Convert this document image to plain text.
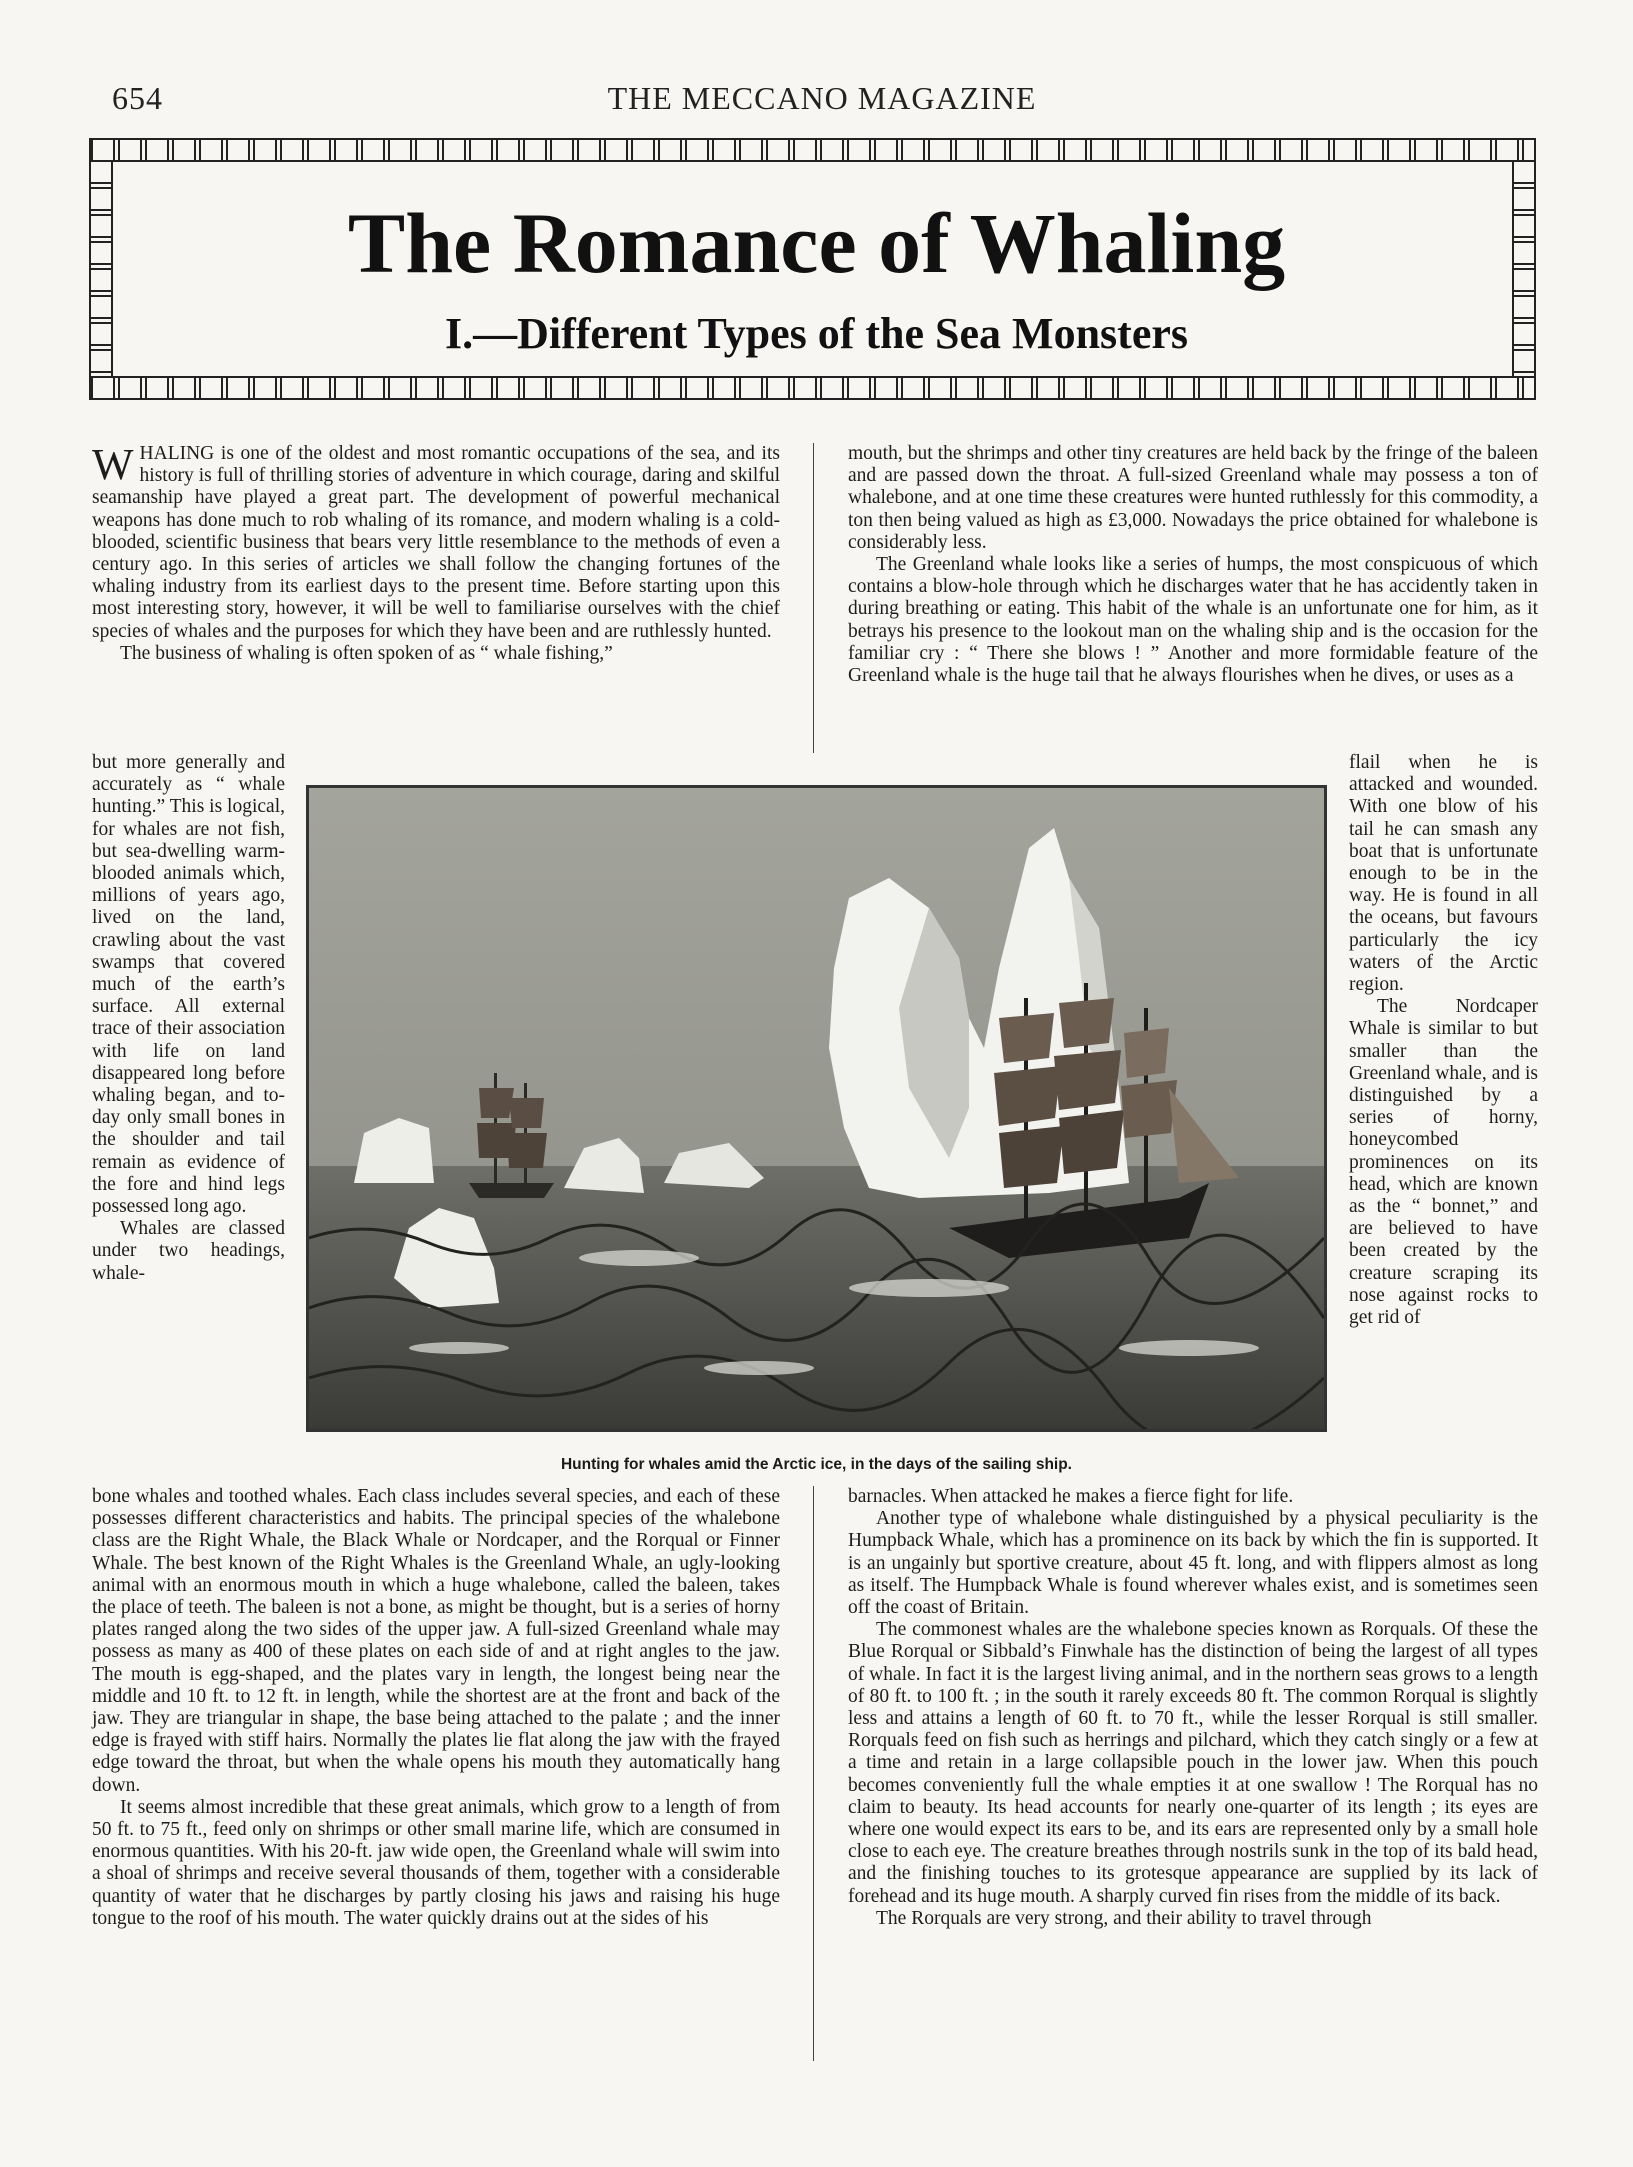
654	THE MECCANO MAGAZINE
The Romance of Whaling
I.—Different Types of the Sea Monsters

WHALING is one of the oldest and most romantic occupations of the sea, and its history is full of thrilling stories of adventure in which courage, daring and skilful seamanship have played a great part. The development of powerful mechanical weapons has done much to rob whaling of its romance, and modern whaling is a cold-blooded, scientific business that bears very little resemblance to the methods of even a century ago. In this series of articles we shall follow the changing fortunes of the whaling industry from its earliest days to the present time. Before starting upon this most interesting story, however, it will be well to familiarise ourselves with the chief species of whales and the purposes for which they have been and are ruthlessly hunted.

The business of whaling is often spoken of as “ whale fishing,”

but more generally and accurately as “ whale hunting.” This is logical, for whales are not fish, but sea-dwelling warm-blooded animals which, millions of years ago, lived on the land, crawling about the vast swamps that covered much of the earth’s surface. All external trace of their association with life on land disappeared long before whaling began, and to-day only small bones in the shoulder and tail remain as evidence of the fore and hind legs possessed long ago.

Whales are classed under two headings, whale-

bone whales and toothed whales. Each class includes several species, and each of these possesses different characteristics and habits. The principal species of the whalebone class are the Right Whale, the Black Whale or Nordcaper, and the Rorqual or Finner Whale. The best known of the Right Whales is the Greenland Whale, an ugly-looking animal with an enormous mouth in which a huge whalebone, called the baleen, takes the place of teeth. The baleen is not a bone, as might be thought, but is a series of horny plates ranged along the two sides of the upper jaw. A full-sized Greenland whale may possess as many as 400 of these plates on each side of and at right angles to the jaw. The mouth is egg-shaped, and the plates vary in length, the longest being near the middle and 10 ft. to 12 ft. in length, while the shortest are at the front and back of the jaw. They are triangular in shape, the base being attached to the palate ; and the inner edge is frayed with stiff hairs. Normally the plates lie flat along the jaw with the frayed edge toward the throat, but when the whale opens his mouth they automatically hang down.

It seems almost incredible that these great animals, which grow to a length of from 50 ft. to 75 ft., feed only on shrimps or other small marine life, which are consumed in enormous quantities. With his 20-ft. jaw wide open, the Greenland whale will swim into a shoal of shrimps and receive several thousands of them, together with a considerable quantity of water that he discharges by partly closing his jaws and raising his huge tongue to the roof of his mouth. The water quickly drains out at the sides of his

mouth, but the shrimps and other tiny creatures are held back by the fringe of the baleen and are passed down the throat. A full-sized Greenland whale may possess a ton of whalebone, and at one time these creatures were hunted ruthlessly for this commodity, a ton then being valued as high as £3,000. Nowadays the price obtained for whalebone is considerably less.

The Greenland whale looks like a series of humps, the most conspicuous of which contains a blow-hole through which he discharges water that he has accidently taken in during breathing or eating. This habit of the whale is an unfortunate one for him, as it betrays his presence to the lookout man on the whaling ship and is the occasion for the familiar cry : “ There she blows ! ” Another and more formidable feature of the Greenland whale is the huge tail that he always flourishes when he dives, or uses as a

flail when he is attacked and wounded. With one blow of his tail he can smash any boat that is unfortunate enough to be in the way. He is found in all the oceans, but favours particularly the icy waters of the Arctic region.

The Nordcaper Whale is similar to but smaller than the Greenland whale, and is distinguished by a series of horny, honeycombed prominences on its head, which are known as the “ bonnet,” and are believed to have been created by the creature scraping its nose against rocks to get rid of

barnacles. When attacked he makes a fierce fight for life.

Another type of whalebone whale distinguished by a physical peculiarity is the Humpback Whale, which has a prominence on its back by which the fin is supported. It is an ungainly but sportive creature, about 45 ft. long, and with flippers almost as long as itself. The Humpback Whale is found wherever whales exist, and is sometimes seen off the coast of Britain.

The commonest whales are the whalebone species known as Rorquals. Of these the Blue Rorqual or Sibbald’s Finwhale has the distinction of being the largest of all types of whale. In fact it is the largest living animal, and in the northern seas grows to a length of 80 ft. to 100 ft. ; in the south it rarely exceeds 80 ft. The common Rorqual is slightly less and attains a length of 60 ft. to 70 ft., while the lesser Rorqual is still smaller. Rorquals feed on fish such as herrings and pilchard, which they catch singly or a few at a time and retain in a large collapsible pouch in the lower jaw. When this pouch becomes conveniently full the whale empties it at one swallow ! The Rorqual has no claim to beauty. Its head accounts for nearly one-quarter of its length ; its eyes are where one would expect its ears to be, and its ears are represented only by a small hole close to each eye. The creature breathes through nostrils sunk in the top of its bald head, and the finishing touches to its grotesque appearance are supplied by its lack of forehead and its huge mouth. A sharply curved fin rises from the middle of its back.

The Rorquals are very strong, and their ability to travel through

Hunting for whales amid the Arctic ice, in the days of the sailing ship.
